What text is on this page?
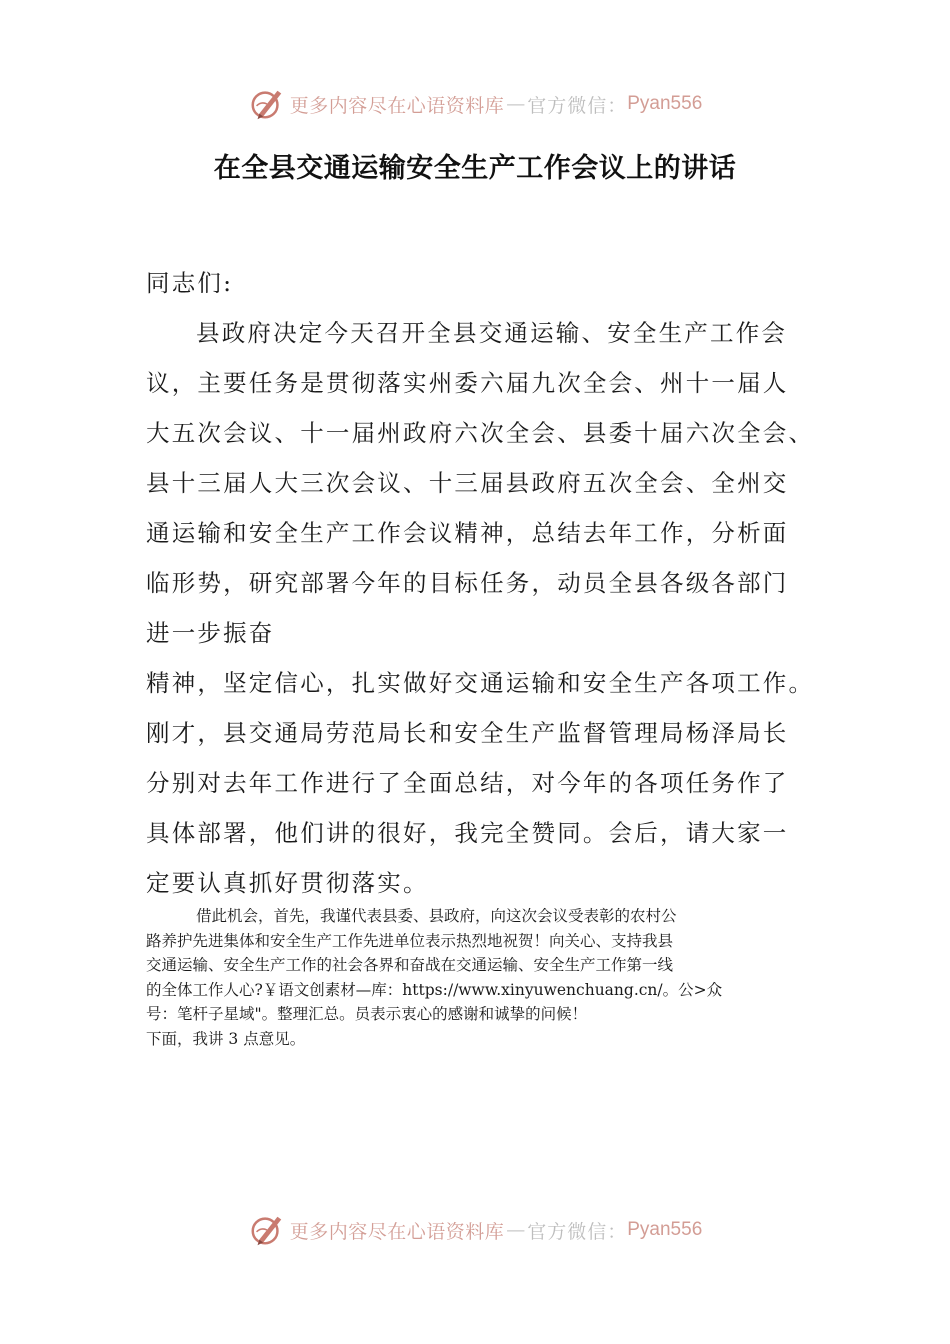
更多内容尽在心语资料库 — 官方微信： Pyan556
在全县交通运输安全生产工作会议上的讲话
同志们:
县政府决定今天召开全县交通运输、安全生产工作会
议，主要任务是贯彻落实州委六届九次全会、州十一届人
大五次会议、十一届州政府六次全会、县委十届六次全会、
县十三届人大三次会议、十三届县政府五次全会、全州交
通运输和安全生产工作会议精神，总结去年工作，分析面
临形势，研究部署今年的目标任务，动员全县各级各部门
进一步振奋
精神，坚定信心，扎实做好交通运输和安全生产各项工作。
刚才，县交通局劳范局长和安全生产监督管理局杨泽局长
分别对去年工作进行了全面总结，对今年的各项任务作了
具体部署，他们讲的很好，我完全赞同。会后，请大家一
定要认真抓好贯彻落实。
借此机会，首先，我谨代表县委、县政府，向这次会议受表彰的农村公
路养护先进集体和安全生产工作先进单位表示热烈地祝贺！向关心、支持我县
交通运输、安全生产工作的社会各界和奋战在交通运输、安全生产工作第一线
的全体工作人心?￥语文创素材—库：https://www.xinyuwenchuang.cn/。公>众
号：笔杆子星域"。整理汇总。员表示衷心的感谢和诚挚的问候！
下面，我讲 3 点意见。
更多内容尽在心语资料库 — 官方微信： Pyan556
